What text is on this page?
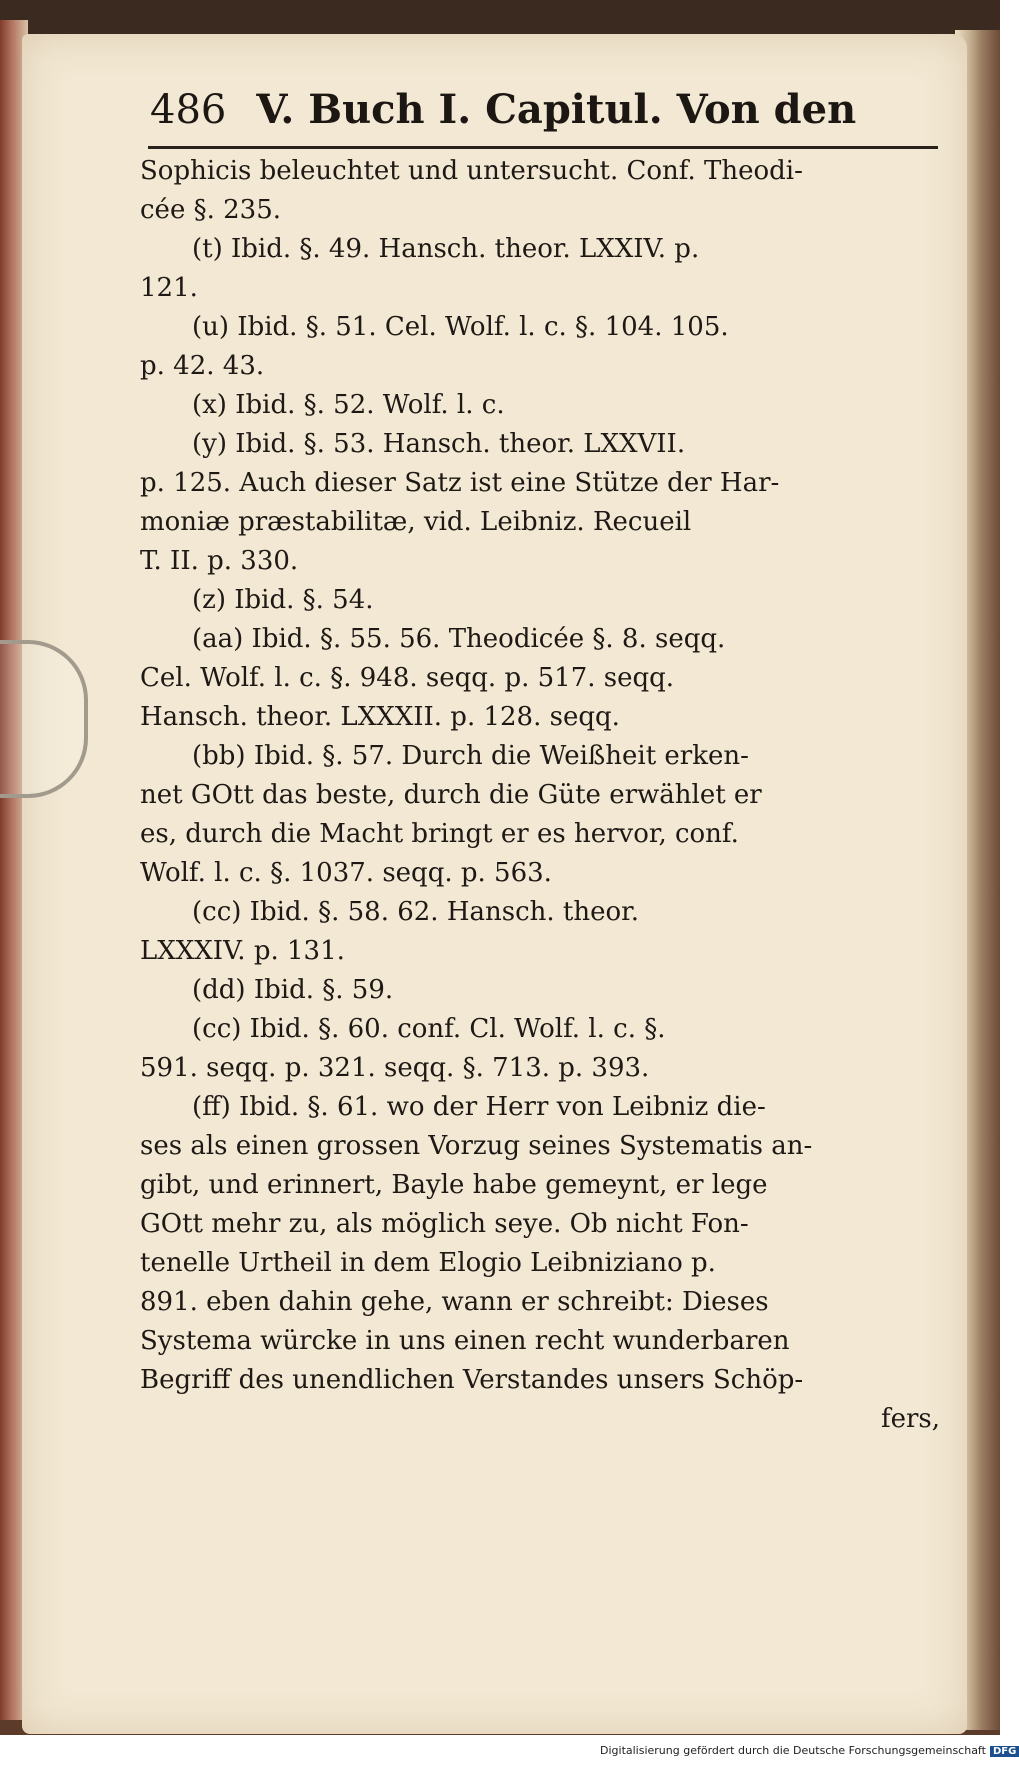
486 V. Buch I. Capitul. Von den
Sophicis beleuchtet und untersucht. Conf. Theodi-
cée §. 235.
(t) Ibid. §. 49. Hansch. theor. LXXIV. p.
121.
(u) Ibid. §. 51. Cel. Wolf. l. c. §. 104. 105.
p. 42. 43.
(x) Ibid. §. 52. Wolf. l. c.
(y) Ibid. §. 53. Hansch. theor. LXXVII.
p. 125. Auch dieser Satz ist eine Stütze der Har-
moniæ præstabilitæ, vid. Leibniz. Recueil
T. II. p. 330.
(z) Ibid. §. 54.
(aa) Ibid. §. 55. 56. Theodicée §. 8. seqq.
Cel. Wolf. l. c. §. 948. seqq. p. 517. seqq.
Hansch. theor. LXXXII. p. 128. seqq.
(bb) Ibid. §. 57. Durch die Weißheit erken-
net GOtt das beste, durch die Güte erwählet er
es, durch die Macht bringt er es hervor, conf.
Wolf. l. c. §. 1037. seqq. p. 563.
(cc) Ibid. §. 58. 62. Hansch. theor.
LXXXIV. p. 131.
(dd) Ibid. §. 59.
(cc) Ibid. §. 60. conf. Cl. Wolf. l. c. §.
591. seqq. p. 321. seqq. §. 713. p. 393.
(ff) Ibid. §. 61. wo der Herr von Leibniz die-
ses als einen grossen Vorzug seines Systematis an-
gibt, und erinnert, Bayle habe gemeynt, er lege
GOtt mehr zu, als möglich seye. Ob nicht Fon-
tenelle Urtheil in dem Elogio Leibniziano p.
891. eben dahin gehe, wann er schreibt: Dieses
Systema würcke in uns einen recht wunderbaren
Begriff des unendlichen Verstandes unsers Schöp-
fers,
Digitalisierung gefördert durch die Deutsche Forschungsgemeinschaft DFG
